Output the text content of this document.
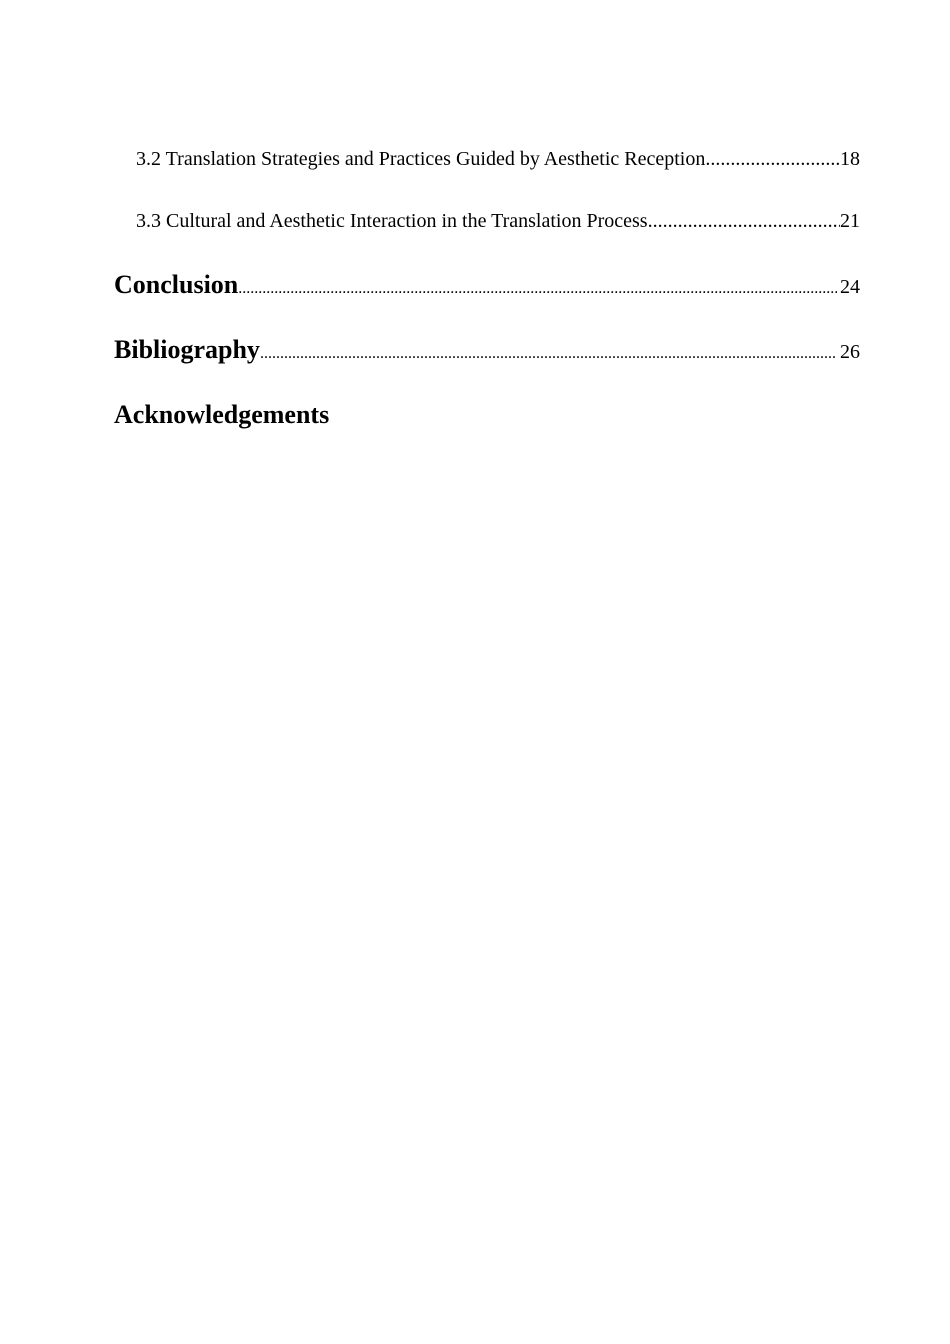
3.2 Translation Strategies and Practices Guided by Aesthetic Reception .....	18
3.3 Cultural and Aesthetic Interaction in the Translation Process .....	21
Conclusion .....	24
Bibliography .....	26
Acknowledgements
